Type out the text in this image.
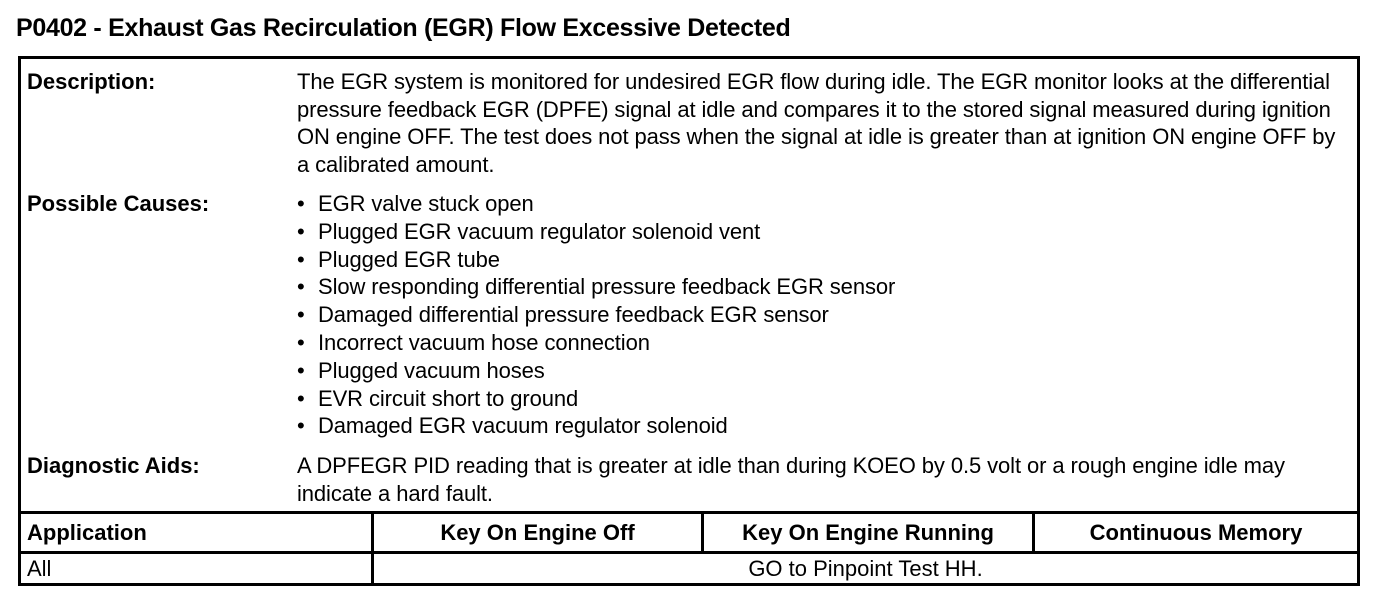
P0402 - Exhaust Gas Recirculation (EGR) Flow Excessive Detected
Description:	The EGR system is monitored for undesired EGR flow during idle. The EGR monitor looks at the differential pressure feedback EGR (DPFE) signal at idle and compares it to the stored signal measured during ignition ON engine OFF. The test does not pass when the signal at idle is greater than at ignition ON engine OFF by a calibrated amount.
Possible Causes:
•	EGR valve stuck open
• Plugged EGR vacuum regulator solenoid vent
• Plugged EGR tube
• Slow responding differential pressure feedback EGR sensor
• Damaged differential pressure feedback EGR sensor
• Incorrect vacuum hose connection
• Plugged vacuum hoses
• EVR circuit short to ground
• Damaged EGR vacuum regulator solenoid
Diagnostic Aids:	A DPFEGR PID reading that is greater at idle than during KOEO by 0.5 volt or a rough engine idle may indicate a hard fault.
Application	Key On Engine Off	Key On Engine Running	Continuous Memory
All	GO to Pinpoint Test HH.
